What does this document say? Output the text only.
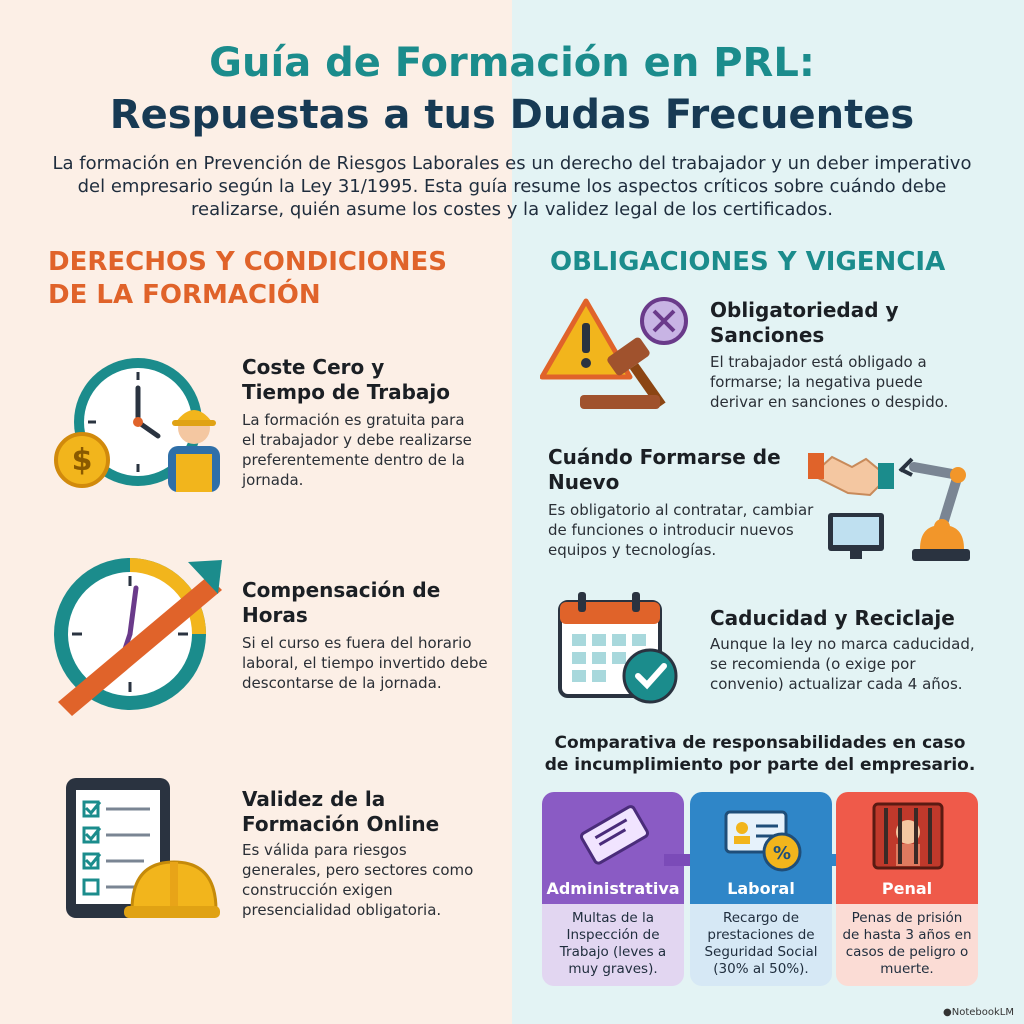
Guía de Formación en PRL:
Respuestas a tus Dudas Frecuentes
La formación en Prevención de Riesgos Laborales es un derecho del trabajador y un deber imperativo del empresario según la Ley 31/1995. Esta guía resume los aspectos críticos sobre cuándo debe realizarse, quién asume los costes y la validez legal de los certificados.
DERECHOS Y CONDICIONES DE LA FORMACIÓN
OBLIGACIONES Y VIGENCIA
$
Coste Cero y Tiempo de Trabajo
La formación es gratuita para el trabajador y debe realizarse preferentemente dentro de la jornada.
Compensación de Horas
Si el curso es fuera del horario laboral, el tiempo invertido debe descontarse de la jornada.
Validez de la Formación Online
Es válida para riesgos generales, pero sectores como construcción exigen presencialidad obligatoria.
Obligatoriedad y Sanciones
El trabajador está obligado a formarse; la negativa puede derivar en sanciones o despido.
Cuándo Formarse de Nuevo
Es obligatorio al contratar, cambiar de funciones o introducir nuevos equipos y tecnologías.
Caducidad y Reciclaje
Aunque la ley no marca caducidad, se recomienda (o exige por convenio) actualizar cada 4 años.
Comparativa de responsabilidades en caso de incumplimiento por parte del empresario.
Administrativa
Multas de la Inspección de Trabajo (leves a muy graves).
%
Laboral
Recargo de prestaciones de Seguridad Social (30% al 50%).
Penal
Penas de prisión de hasta 3 años en casos de peligro o muerte.
●​NotebookLM
